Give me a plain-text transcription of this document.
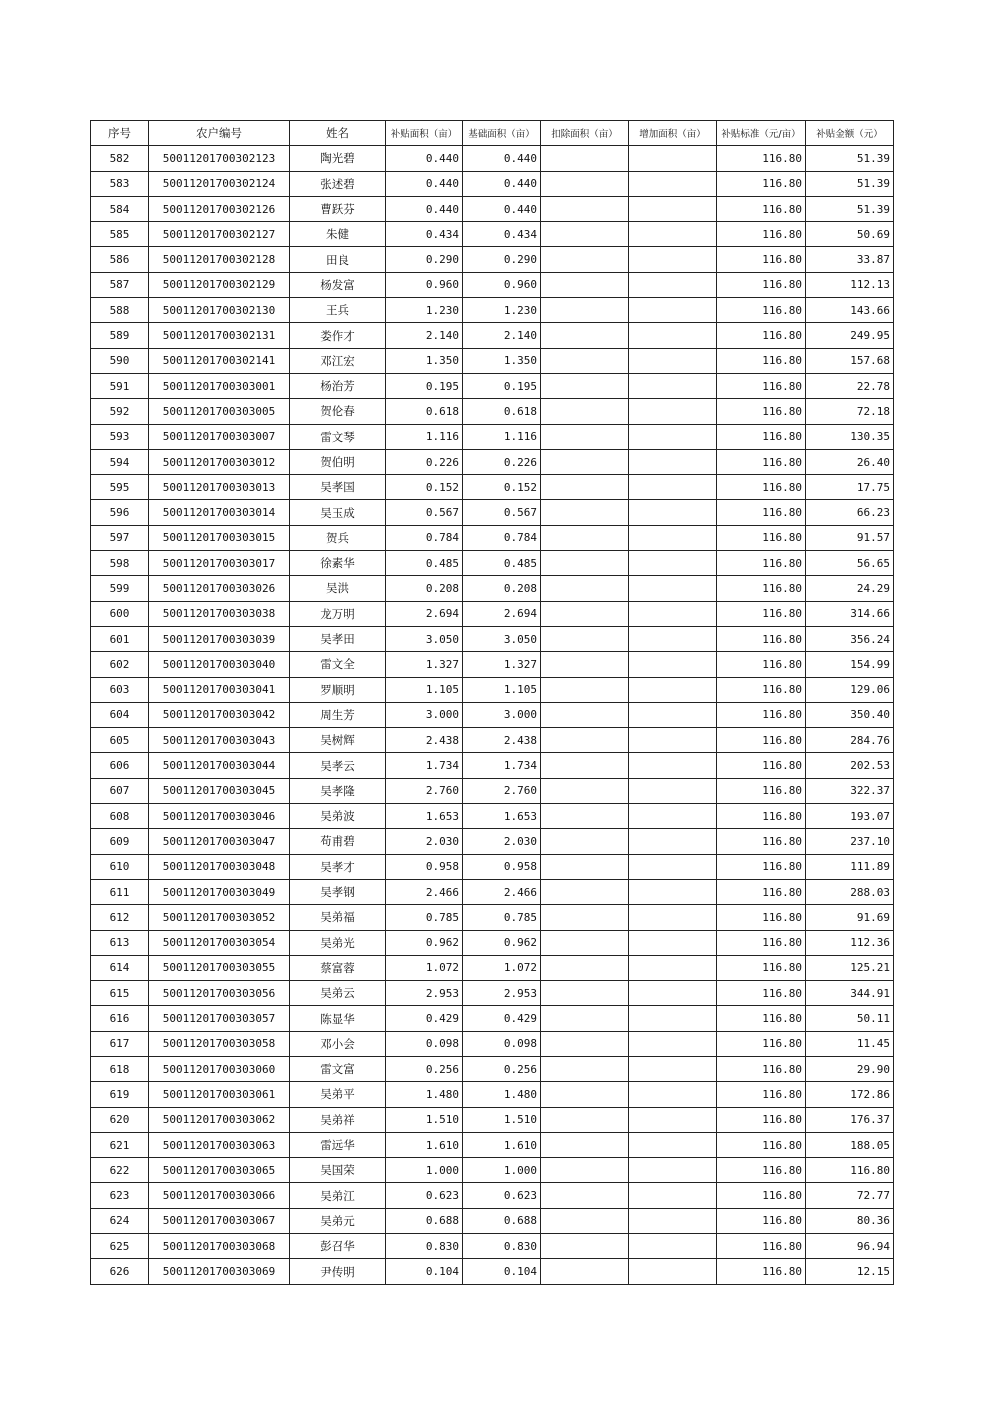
序号	农户编号	姓名	补贴面积（亩）	基础面积（亩）	扣除面积（亩）	增加面积（亩）	补贴标准（元/亩）	补贴金额（元）
582	50011201700302123	陶光碧	0.440	0.440			116.80	51.39
583	50011201700302124	张述碧	0.440	0.440			116.80	51.39
584	50011201700302126	曹跃芬	0.440	0.440			116.80	51.39
585	50011201700302127	朱健	0.434	0.434			116.80	50.69
586	50011201700302128	田良	0.290	0.290			116.80	33.87
587	50011201700302129	杨发富	0.960	0.960			116.80	112.13
588	50011201700302130	王兵	1.230	1.230			116.80	143.66
589	50011201700302131	娄作才	2.140	2.140			116.80	249.95
590	50011201700302141	邓江宏	1.350	1.350			116.80	157.68
591	50011201700303001	杨治芳	0.195	0.195			116.80	22.78
592	50011201700303005	贺伦春	0.618	0.618			116.80	72.18
593	50011201700303007	雷文琴	1.116	1.116			116.80	130.35
594	50011201700303012	贺伯明	0.226	0.226			116.80	26.40
595	50011201700303013	吴孝国	0.152	0.152			116.80	17.75
596	50011201700303014	吴玉成	0.567	0.567			116.80	66.23
597	50011201700303015	贺兵	0.784	0.784			116.80	91.57
598	50011201700303017	徐素华	0.485	0.485			116.80	56.65
599	50011201700303026	吴洪	0.208	0.208			116.80	24.29
600	50011201700303038	龙万明	2.694	2.694			116.80	314.66
601	50011201700303039	吴孝田	3.050	3.050			116.80	356.24
602	50011201700303040	雷文全	1.327	1.327			116.80	154.99
603	50011201700303041	罗顺明	1.105	1.105			116.80	129.06
604	50011201700303042	周生芳	3.000	3.000			116.80	350.40
605	50011201700303043	吴树辉	2.438	2.438			116.80	284.76
606	50011201700303044	吴孝云	1.734	1.734			116.80	202.53
607	50011201700303045	吴孝隆	2.760	2.760			116.80	322.37
608	50011201700303046	吴弟波	1.653	1.653			116.80	193.07
609	50011201700303047	苟甫碧	2.030	2.030			116.80	237.10
610	50011201700303048	吴孝才	0.958	0.958			116.80	111.89
611	50011201700303049	吴孝钢	2.466	2.466			116.80	288.03
612	50011201700303052	吴弟福	0.785	0.785			116.80	91.69
613	50011201700303054	吴弟光	0.962	0.962			116.80	112.36
614	50011201700303055	蔡富蓉	1.072	1.072			116.80	125.21
615	50011201700303056	吴弟云	2.953	2.953			116.80	344.91
616	50011201700303057	陈显华	0.429	0.429			116.80	50.11
617	50011201700303058	邓小会	0.098	0.098			116.80	11.45
618	50011201700303060	雷文富	0.256	0.256			116.80	29.90
619	50011201700303061	吴弟平	1.480	1.480			116.80	172.86
620	50011201700303062	吴弟祥	1.510	1.510			116.80	176.37
621	50011201700303063	雷远华	1.610	1.610			116.80	188.05
622	50011201700303065	吴国荣	1.000	1.000			116.80	116.80
623	50011201700303066	吴弟江	0.623	0.623			116.80	72.77
624	50011201700303067	吴弟元	0.688	0.688			116.80	80.36
625	50011201700303068	彭召华	0.830	0.830			116.80	96.94
626	50011201700303069	尹传明	0.104	0.104			116.80	12.15
